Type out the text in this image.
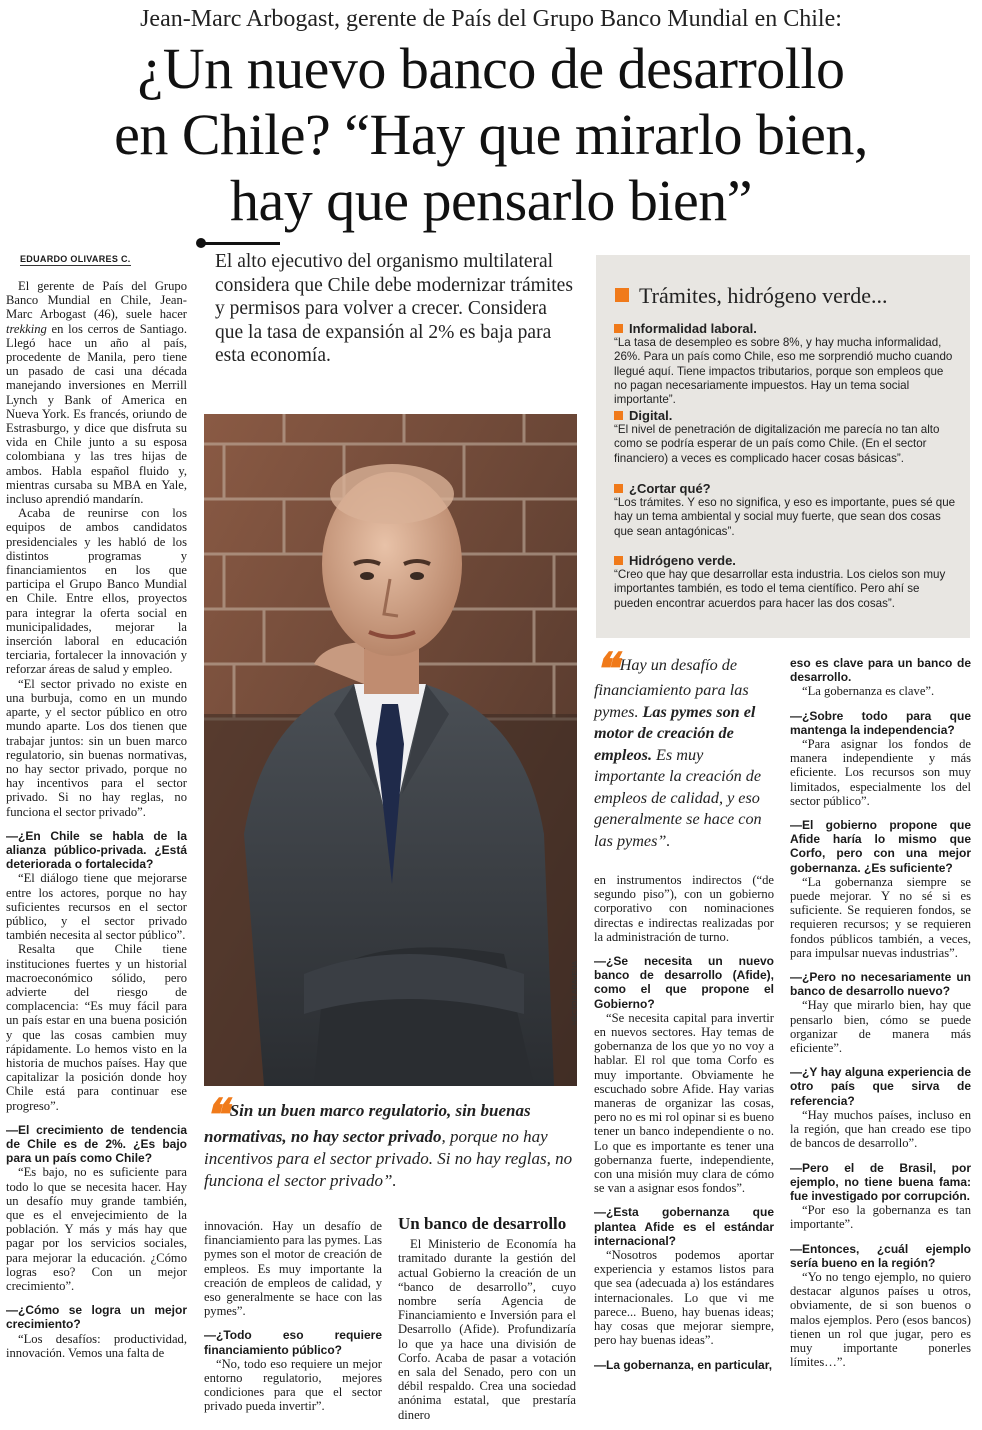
Jean-Marc Arbogast, gerente de País del Grupo Banco Mundial en Chile:
¿Un nuevo banco de desarrollo
en Chile? “Hay que mirarlo bien,
hay que pensarlo bien”
EDUARDO OLIVARES C.

El gerente de País del Grupo Banco Mundial en Chile, Jean-Marc Arbogast (46), suele hacer trekking en los cerros de Santiago. Llegó hace un año al país, procedente de Manila, pero tiene un pasado de casi una década manejando inversiones en Merrill Lynch y Bank of America en Nueva York. Es francés, oriundo de Estrasburgo, y dice que disfruta su vida en Chile junto a su esposa colombiana y las tres hijas de ambos. Habla español fluido y, mientras cursaba su MBA en Yale, incluso aprendió mandarín.

Acaba de reunirse con los equipos de ambos candidatos presidenciales y les habló de los distintos programas y financiamientos en los que participa el Grupo Banco Mundial en Chile. Entre ellos, proyectos para integrar la oferta social en municipalidades, mejorar la inserción laboral en educación terciaria, fortalecer la innovación y reforzar áreas de salud y empleo.

“El sector privado no existe en una burbuja, como en un mundo aparte, y el sector público en otro mundo aparte. Los dos tienen que trabajar juntos: sin un buen marco regulatorio, sin buenas normativas, no hay sector privado, porque no hay incentivos para el sector privado. Si no hay reglas, no funciona el sector privado”.

—¿En Chile se habla de la alianza público-privada. ¿Está deteriorada o fortalecida?

“El diálogo tiene que mejorarse entre los actores, porque no hay suficientes recursos en el sector público, y el sector privado también necesita al sector público”.

Resalta que Chile tiene instituciones fuertes y un historial macroeconómico sólido, pero advierte del riesgo de complacencia: “Es muy fácil para un país estar en una buena posición y que las cosas cambien muy rápidamente. Lo hemos visto en la historia de muchos países. Hay que capitalizar la posición donde hoy Chile está para continuar ese progreso”.

—El crecimiento de tendencia de Chile es de 2%. ¿Es bajo para un país como Chile?

“Es bajo, no es suficiente para todo lo que se necesita hacer. Hay un desafío muy grande también, que es el envejecimiento de la población. Y más y más hay que pagar por los servicios sociales, para mejorar la educación. ¿Cómo logras eso? Con un mejor crecimiento”.

—¿Cómo se logra un mejor crecimiento?

“Los desafíos: productividad, innovación. Vemos una falta de

El alto ejecutivo del organismo multilateral considera que Chile debe modernizar trámites y permisos para volver a crecer. Considera que la tasa de expansión al 2% es baja para esta economía.
HÉCTOR ARAVENA
❝ Sin un buen marco regulatorio, sin buenas normativas, no hay sector privado, porque no hay incentivos para el sector privado. Si no hay reglas, no funciona el sector privado”.

innovación. Hay un desafío de financiamiento para las pymes. Las pymes son el motor de creación de empleos. Es muy importante la creación de empleos de calidad, y eso generalmente se hace con las pymes”.

—¿Todo eso requiere financiamiento público?

“No, todo eso requiere un mejor entorno regulatorio, mejores condiciones para que el sector privado pueda invertir”.

Un banco de desarrollo

El Ministerio de Economía ha tramitado durante la gestión del actual Gobierno la creación de un “banco de desarrollo”, cuyo nombre sería Agencia de Financiamiento e Inversión para el Desarrollo (Afide). Profundizaría lo que ya hace una división de Corfo. Acaba de pasar a votación en sala del Senado, pero con un débil respaldo. Crea una sociedad anónima estatal, que prestaría dinero

Trámites, hidrógeno verde...
Informalidad laboral.
“La tasa de desempleo es sobre 8%, y hay mucha informalidad, 26%. Para un país como Chile, eso me sorprendió mucho cuando llegué aquí. Tiene impactos tributarios, porque son empleos que no pagan necesariamente impuestos. Hay un tema social importante”.
Digital.
“El nivel de penetración de digitalización me parecía no tan alto como se podría esperar de un país como Chile. (En el sector financiero) a veces es complicado hacer cosas básicas”.
¿Cortar qué?
“Los trámites. Y eso no significa, y eso es importante, pues sé que hay un tema ambiental y social muy fuerte, que sean dos cosas que sean antagónicas”.
Hidrógeno verde.
“Creo que hay que desarrollar esta industria. Los cielos son muy importantes también, es todo el tema científico. Pero ahí se pueden encontrar acuerdos para hacer las dos cosas”.
❝ Hay un desafío de financiamiento para las pymes. Las pymes son el motor de creación de empleos. Es muy importante la creación de empleos de calidad, y eso generalmente se hace con las pymes”.

en instrumentos indirectos (“de segundo piso”), con un gobierno corporativo con nominaciones directas e indirectas realizadas por la administración de turno.

—¿Se necesita un nuevo banco de desarrollo (Afide), como el que propone el Gobierno?

“Se necesita capital para invertir en nuevos sectores. Hay temas de gobernanza de los que yo no voy a hablar. El rol que toma Corfo es muy importante. Obviamente he escuchado sobre Afide. Hay varias maneras de organizar las cosas, pero no es mi rol opinar si es bueno tener un banco independiente o no. Lo que es importante es tener una gobernanza fuerte, independiente, con una misión muy clara de cómo se van a asignar esos fondos”.

—¿Esta gobernanza que plantea Afide es el estándar internacional?

“Nosotros podemos aportar experiencia y estamos listos para que sea (adecuada a) los estándares internacionales. Lo que vi me parece... Bueno, hay buenas ideas; hay cosas que mejorar siempre, pero hay buenas ideas”.

—La gobernanza, en particular,

eso es clave para un banco de desarrollo.

“La gobernanza es clave”.

—¿Sobre todo para que mantenga la independencia?

“Para asignar los fondos de manera independiente y más eficiente. Los recursos son muy limitados, especialmente los del sector público”.

—El gobierno propone que Afide haría lo mismo que Corfo, pero con una mejor gobernanza. ¿Es suficiente?

“La gobernanza siempre se puede mejorar. Y no sé si es suficiente. Se requieren fondos, se requieren recursos; y se requieren fondos públicos también, a veces, para impulsar nuevas industrias”.

—¿Pero no necesariamente un banco de desarrollo nuevo?

“Hay que mirarlo bien, hay que pensarlo bien, cómo se puede organizar de manera más eficiente”.

—¿Y hay alguna experiencia de otro país que sirva de referencia?

“Hay muchos países, incluso en la región, que han creado ese tipo de bancos de desarrollo”.

—Pero el de Brasil, por ejemplo, no tiene buena fama: fue investigado por corrupción.

“Por eso la gobernanza es tan importante”.

—Entonces, ¿cuál ejemplo sería bueno en la región?

“Yo no tengo ejemplo, no quiero destacar algunos países u otros, obviamente, de si son buenos o malos ejemplos. Pero (esos bancos) tienen un rol que jugar, pero es muy importante ponerles límites…”.
